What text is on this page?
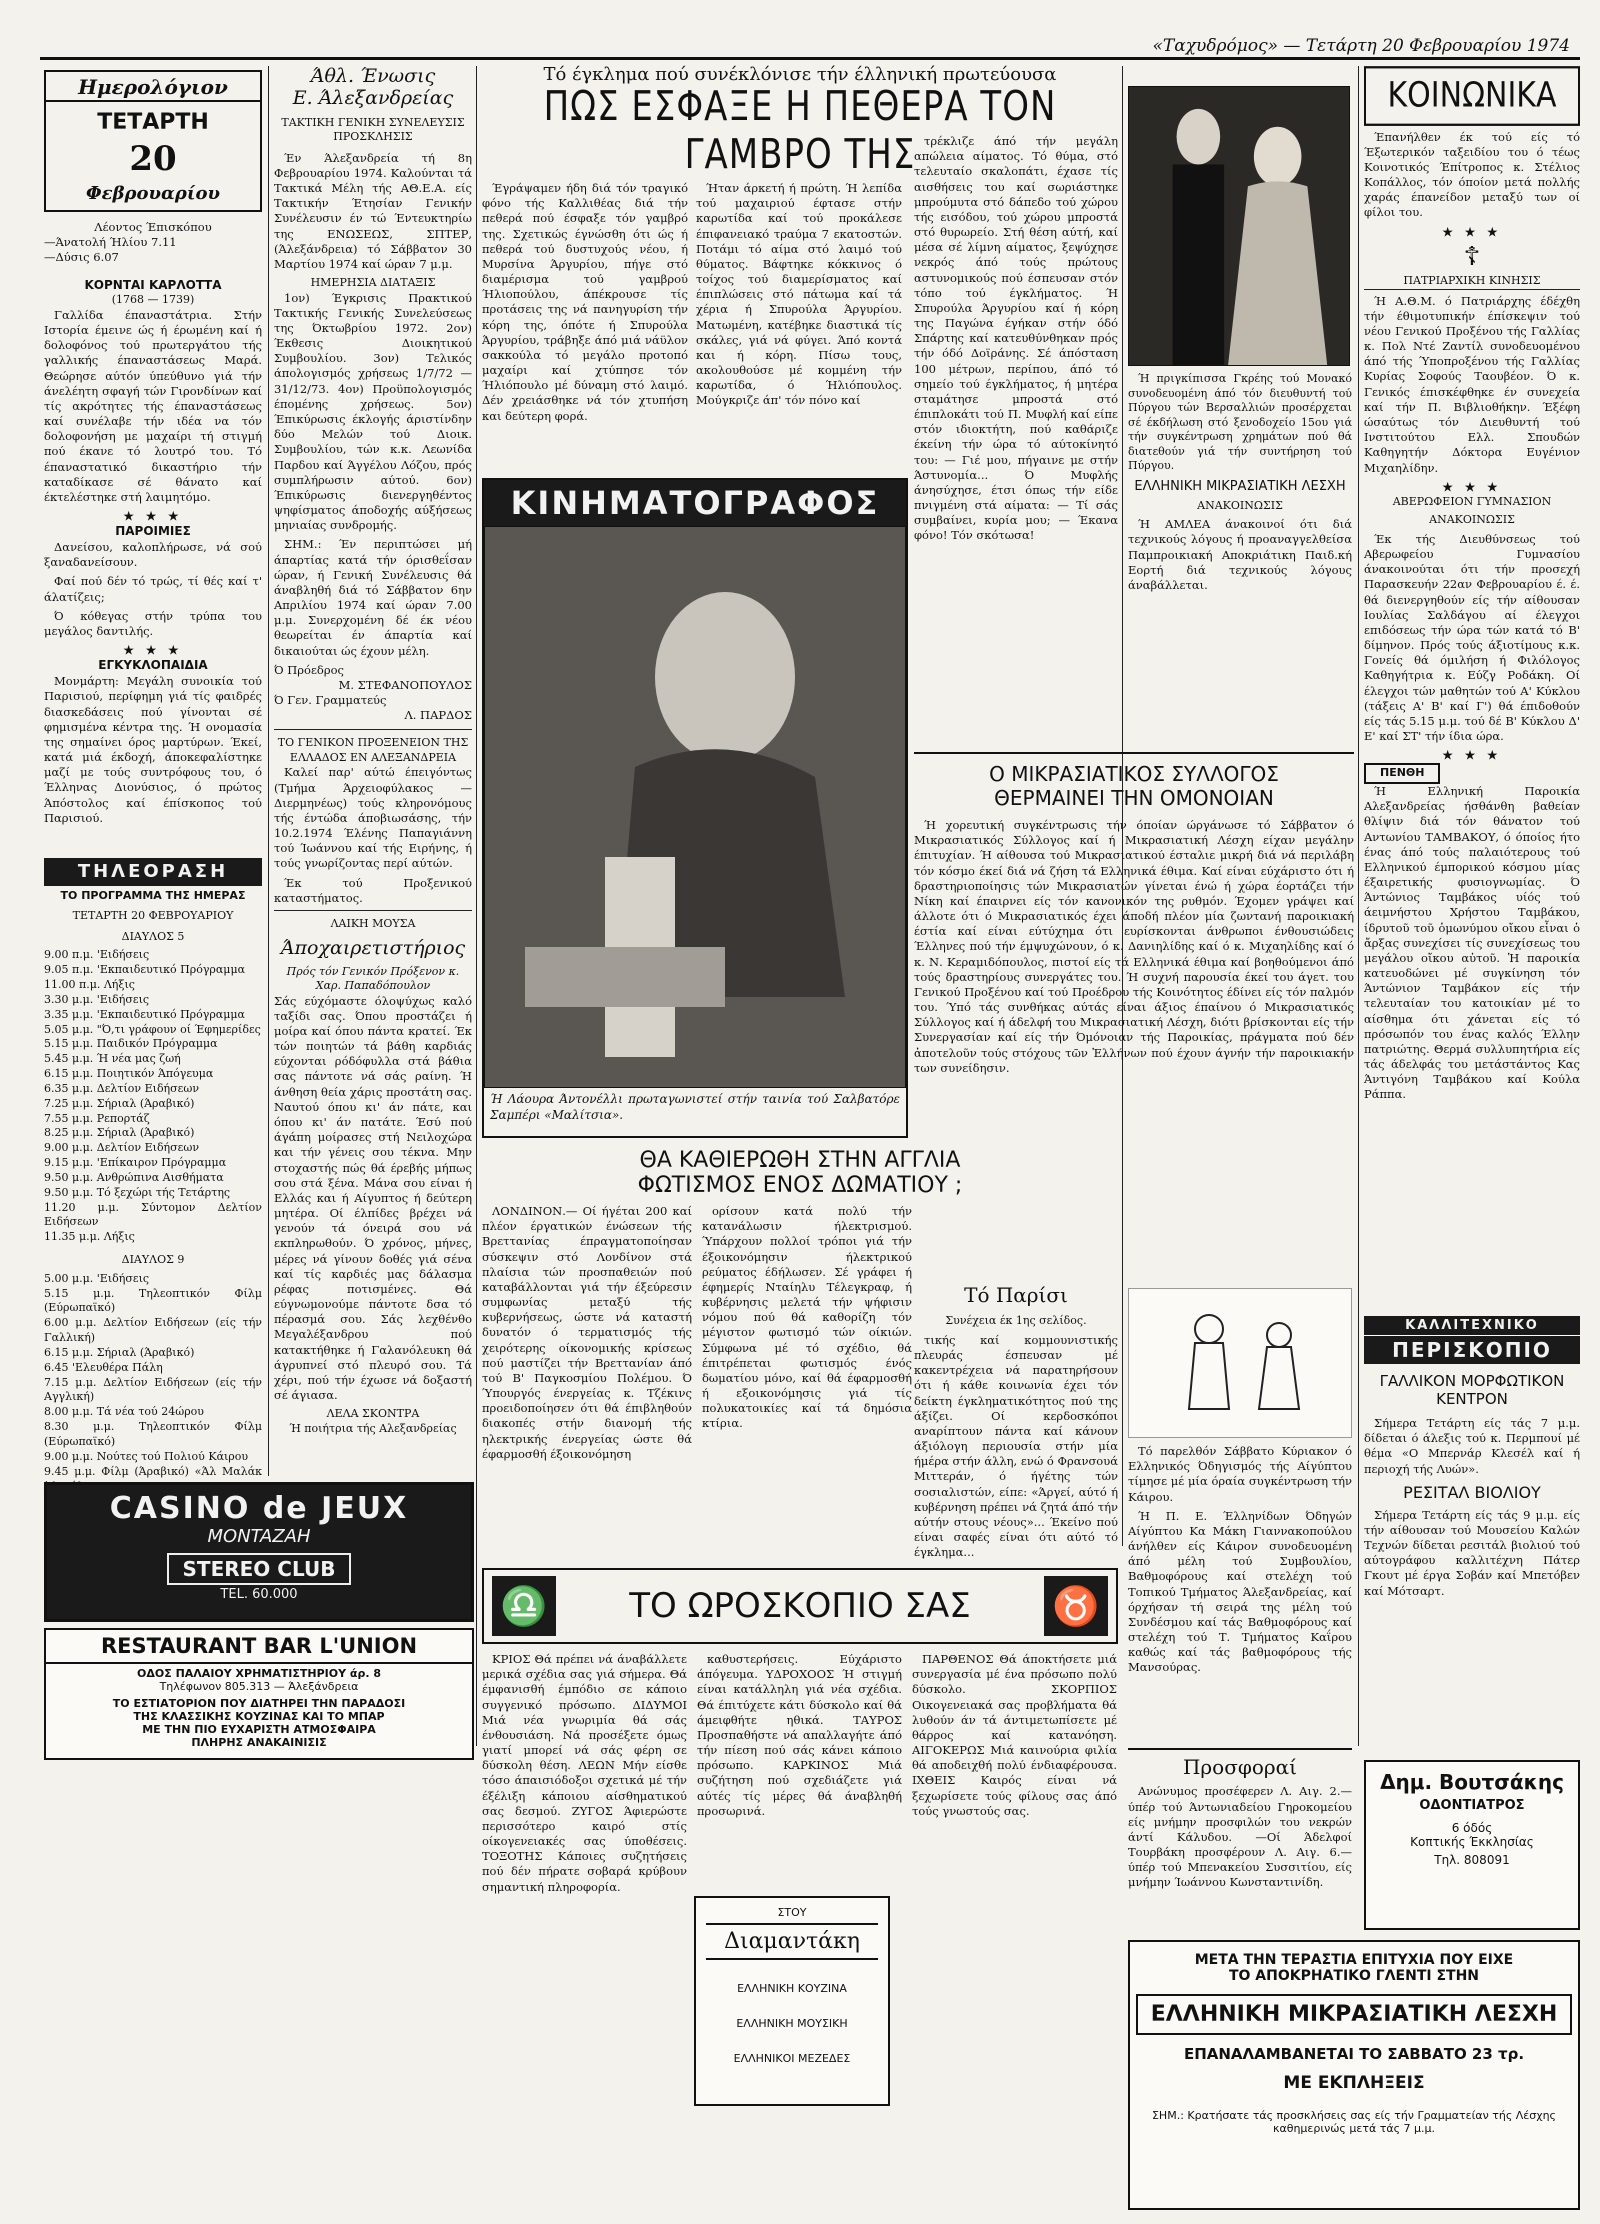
«Ταχυδρόμος» — Τετάρτη 20 Φεβρουαρίου 1974
Ημερολόγιον
ΤΕΤΑΡΤΗ
20
Φεβρουαρίου
Λέοντος Έπισκόπου
—Άνατολή Ήλίου 7.11
—Δύσις 6.07
ΚΟΡΝΤΑΙ ΚΑΡΛΟΤΤΑ
(1768 — 1739)

Γαλλίδα έπαναστάτρια. Στήν Ιστορία έμεινε ώς ή έρωμένη καί ή δολοφόνος τού πρωτεργάτου τής γαλλικής έπαναστάσεως Μαρά. Θεώρησε αύτόν ύπεύθυνο γιά τήν άνελέητη σφαγή τών Γιρονδίνων καί τίς ακρότητες τής έπαναστάσεως καί συνέλαβε τήν ιδέα να τόν δολοφονήση με μαχαίρι τή στιγμή πού έκανε τό λουτρό του. Τό έπαναστατικό δικαστήριο τήν καταδίκασε σέ θάνατο καί έκτελέστηκε στή λαιμητόμο.

★ ★ ★
ΠΑΡΟΙΜΙΕΣ

Δανείσου, καλοπλήρωσε, νά σού ξαναδανείσουν.

Φαί πού δέν τό τρώς, τί θές καί τ' άλατίζεις;

Ό κόθεγας στήν τρύπα του μεγάλος δαντιλής.

★ ★ ★
ΕΓΚΥΚΛΟΠΑΙΔΙΑ

Μονμάρτη: Μεγάλη συνοικία τού Παρισιού, περίφημη γιά τίς φαιδρές διασκεδάσεις πού γίνονται σέ φημισμένα κέντρα της. Ή ονομασία της σημαίνει όρος μαρτύρων. Έκεί, κατά μιά έκδοχή, άποκεφαλίστηκε μαζί με τούς συντρόφους του, ό Έλληνας Διονύσιος, ό πρώτος Άπόστολος καί έπίσκοπος τού Παρισιού.

ΤΗΛΕΟΡΑΣΗ
ΤΟ ΠΡΟΓΡΑΜΜΑ ΤΗΣ ΗΜΕΡΑΣ
ΤΕΤΑΡΤΗ 20 ΦΕΒΡΟΥΑΡΙΟΥ
ΔΙΑΥΛΟΣ 5
9.00 π.μ. 'Ειδήσεις
9.05 π.μ. 'Εκπαιδευτικό Πρόγραμμα
11.00 π.μ. Λήξις
3.30 μ.μ. 'Ειδήσεις
3.35 μ.μ. 'Εκπαιδευτικό Πρόγραμμα
5.05 μ.μ. "Ό,τι γράφουν οί Έφημερίδες
5.15 μ.μ. Παιδικόν Πρόγραμμα
5.45 μ.μ. Ή νέα μας ζωή
6.15 μ.μ. Ποιητικόν Άπόγευμα
6.35 μ.μ. Δελτίον Ειδήσεων
7.25 μ.μ. Σήριαλ (Άραβικό)
7.55 μ.μ. Ρεπορτάζ
8.25 μ.μ. Σήριαλ (Άραβικό)
9.00 μ.μ. Δελτίον Ειδήσεων
9.15 μ.μ. 'Επίκαιρον Πρόγραμμα
9.50 μ.μ. Ανθρώπινα Αισθήματα
9.50 μ.μ. Τό ξεχώρι τής Τετάρτης
11.20 μ.μ. Σύντομον Δελτίον Ειδήσεων
11.35 μ.μ. Λήξις
ΔΙΑΥΛΟΣ 9
5.00 μ.μ. 'Ειδήσεις
5.15 μ.μ. Τηλεοπτικόν Φίλμ (Εύρωπαϊκό)
6.00 μ.μ. Δελτίον Ειδήσεων (είς τήν Γαλλική)
6.15 μ.μ. Σήριαλ (Άραβικό)
6.45 'Ελευθέρα Πάλη
7.15 μ.μ. Δελτίον Ειδήσεων (είς τήν Αγγλική)
8.00 μ.μ. Τά νέα τού 24ώρου
8.30 μ.μ. Τηλεοπτικόν Φίλμ (Εύρωπαϊκό)
9.00 μ.μ. Νούτες τού Πολιού Κάιρου
9.45 μ.μ. Φίλμ (Άραβικό) «Άλ Μαλάκ
CASINO de JEUX
MONTAZAH
STEREO CLUB
TEL. 60.000
RESTAURANT BAR L'UNION
ΟΔΟΣ ΠΑΛΑΙΟΥ ΧΡΗΜΑΤΙΣΤΗΡΙΟΥ άρ. 8
Τηλέφωνον 805.313 — Άλεξάνδρεια
ΤΟ ΕΣΤΙΑΤΟΡΙΟΝ ΠΟΥ ΔΙΑΤΗΡΕΙ ΤΗΝ ΠΑΡΑΔΟΣΙ
ΤΗΣ ΚΛΑΣΣΙΚΗΣ ΚΟΥΖΙΝΑΣ ΚΑΙ ΤΟ ΜΠΑΡ
ΜΕ ΤΗΝ ΠΙΟ ΕΥΧΑΡΙΣΤΗ ΑΤΜΟΣΦΑΙΡΑ
ΠΛΗΡΗΣ ΑΝΑΚΑΙΝΙΣΙΣ
Άθλ. Ένωσις
Ε. Άλεξανδρείας
ΤΑΚΤΙΚΗ ΓΕΝΙΚΗ ΣΥΝΕΛΕΥΣΙΣ
ΠΡΟΣΚΛΗΣΙΣ

Έν Άλεξανδρεία τή 8η Φεβρουαρίου 1974. Καλούνται τά Τακτικά Μέλη τής ΑΘ.Ε.Α. είς Τακτικήν Έτησίαν Γενικήν Συνέλευσιν έν τώ Έντευκτηρίω της ΕΝΩΣΕΩΣ, ΣΠΤΕΡ, (Άλεξάνδρεια) τό Σάββατον 30 Μαρτίου 1974 καί ώραν 7 μ.μ.

ΗΜΕΡΗΣΙΑ ΔΙΑΤΑΞΙΣ

1ον) Έγκρισις Πρακτικού Τακτικής Γενικής Συνελεύσεως της Όκτωβρίου 1972. 2ον) Έκθεσις Διοικητικού Συμβουλίου. 3ον) Τελικός άπολογισμός χρήσεως 1/7/72 — 31/12/73. 4ον) Προϋπολογισμός έπομένης χρήσεως. 5ον) Έπικύρωσις έκλογής άριστίνδην δύο Μελών τού Διοικ. Συμβουλίου, τών κ.κ. Λεωνίδα Παρδου καί Άγγέλου Λόζου, πρός συμπλήρωσιν αύτού. 6ον) Έπικύρωσις διενεργηθέντος ψηφίσματος άποδοχής αύξήσεως μηνιαίας συνδρομής.

ΣΗΜ.: Έν περιπτώσει μή άπαρτίας κατά τήν όρισθεΐσαν ώραν, ή Γενική Συνέλευσις θά άναβληθή διά τό Σάββατον 6ην Απριλίου 1974 καί ώραν 7.00 μ.μ. Συνερχομένη δέ έκ νέου θεωρείται έν άπαρτία καί δικαιούται ώς έχουν μέλη.

Ό Πρόεδρος
Μ. ΣΤΕΦΑΝΟΠΟΥΛΟΣ
Ό Γεν. Γραμματεύς
Λ. ΠΑΡΔΟΣ
ΤΟ ΓΕΝΙΚΟΝ ΠΡΟΞΕΝΕΙΟΝ ΤΗΣ ΕΛΛΑΔΟΣ ΕΝ ΑΛΕΞΑΝΔΡΕΙΑ

Καλεί παρ' αύτώ έπειγόντως (Τμήμα Άρχειοφύλακος — Διερμηνέως) τούς κληρονόμους τής έντώδα άποβιωσάσης, τήν 10.2.1974 Έλένης Παπαγιάννη τού Ίωάννου καί τής Ειρήνης, ή τούς γνωρίζοντας περί αύτών.

Έκ τού Προξενικού καταστήματος.

ΛΑΙΚΗ ΜΟΥΣΑ
Άποχαιρετιστήριος
Πρός τόν Γενικόν Πρόξενον κ. Χαρ. Παπαδόπουλον

Σάς εύχόμαστε όλοψύχως καλό ταξίδι σας. Όπου προστάζει ή μοίρα καί όπου πάντα κρατεί. Έκ τών ποιητών τά βάθη καρδιάς εύχονται ρόδόφυλλα στά βάθια σας πάντοτε νά σάς ραίνη. Ή άνθηση θεία χάρις προστάτη σας. Ναυτού όπου κι' άν πάτε, και όπου κι' άν πατάτε. Έσύ πού άγάπη μοίρασες στή Νειλοχώρα και τήν γένεις σου τέκνα. Μην στοχαστής πώς θά έρεβής μήπως σου στά ξένα. Μάνα σου είναι ή Ελλάς και ή Αίγυπτος ή δεύτερη μητέρα. Οί έλπίδες βρέχει νά γενούν τά όνειρά σου νά εκπληρωθούν. Ό χρόνος, μήνες, μέρες νά γίνουν δοθές γιά σένα καί τίς καρδιές μας δάλασμα ρέφας ποτισμένες. Θά εύγνωμονούμε πάντοτε δσα τό πέρασμά σου. Σάς λεχθένθο Μεγαλέξανδρου πού κατακτήθηκε ή Γαλανόλευκη θά άγρυπνεί στό πλευρό σου. Τά χέρι, πού τήν έχωσε νά δοξαστή σέ άγιασα.

ΛΕΛΑ ΣΚΟΝΤΡΑ
Ή ποιήτρια τής Αλεξανδρείας
Τό έγκλημα πού συνέκλόνισε τήν έλληνική πρωτεύουσα
ΠΩΣ ΕΣΦΑΞΕ Η ΠΕΘΕΡΑ ΤΟΝ ΓΑΜΒΡΟ ΤΗΣ

Έγράψαμεν ήδη διά τόν τραγικό φόνο τής Καλλιθέας διά τήν πεθερά πού έσφαξε τόν γαμβρό της. Σχετικώς έγνώσθη ότι ώς ή πεθερά τού δυστυχούς νέου, ή Μυρσίνα Άργυρίου, πήγε στό διαμέρισμα τού γαμβρού Ήλιοπούλου, άπέκρουσε τίς προτάσεις της νά πανηγυρίση τήν κόρη της, όπότε ή Σπυρούλα Άργυρίου, τράβηξε άπό μιά νάϋλον σακκούλα τό μεγάλο προτοπό μαχαίρι καί χτύπησε τόν Ήλιόπουλο μέ δύναμη στό λαιμό. Δέν χρειάσθηκε νά τόν χτυπήση και δεύτερη φορά.

Ήταν άρκετή ή πρώτη. Ή λεπίδα τού μαχαιριού έφτασε στήν καρωτίδα καί τού προκάλεσε έπιφανειακό τραύμα 7 εκατοστών. Ποτάμι τό αίμα στό λαιμό τού θύματος. Βάφτηκε κόκκινος ό τοίχος τού διαμερίσματος καί έπιπλώσεις στό πάτωμα καί τά χέρια ή Σπυρούλα Άργυρίου. Ματωμένη, κατέβηκε διαστικά τίς σκάλες, γιά νά φύγει. Άπό κοντά και ή κόρη. Πίσω τους, ακολουθούσε μέ κομμένη τήν καρωτίδα, ό Ήλιόπουλος. Μούγκριζε άπ' τόν πόνο καί

τρέκλιζε άπό τήν μεγάλη απώλεια αίματος. Τό θύμα, στό τελευταίο σκαλοπάτι, έχασε τίς αισθήσεις του καί σωριάστηκε μπρούμυτα στό δάπεδο τού χώρου τής εισόδου, τού χώρου μπροστά στό θυρωρείο. Στή θέση αύτή, καί μέσα σέ λίμνη αίματος, ξεψύχησε νεκρός άπό τούς πρώτους αστυνομικούς πού έσπευσαν στόν τόπο τού έγκλήματος. Ή Σπυρούλα Άργυρίου καί ή κόρη της Παγώνα έγήκαν στήν όδό Σπάρτης καί κατευθύνθηκαν πρός τήν όδό Δοϊράνης. Σέ άπόσταση 100 μέτρων, περίπου, άπό τό σημείο τού έγκλήματος, ή μητέρα σταμάτησε μπροστά στό έπιπλοκάτι τού Π. Μυφλή καί είπε στόν ιδιοκτήτη, πού καθάριζε έκείνη τήν ώρα τό αύτοκίνητό του: — Γιέ μου, πήγαινε με στήν Άστυνομία... Ό Μυφλής άνησύχησε, έτσι όπως τήν είδε πνιγμένη στά αίματα: — Τί σάς συμβαίνει, κυρία μου; — Έκανα φόνο! Τόν σκότωσα!

ΚΙΝΗΜΑΤΟΓΡΑΦΟΣ
Ή Λάουρα Άντονέλλι πρωταγωνιστεί στήν ταινία τού Σαλβατόρε Σαμπέρι «Μαλίτσια».
ΘΑ ΚΑΘΙΕΡΩΘΗ ΣΤΗΝ ΑΓΓΛΙΑ
ΦΩΤΙΣΜΟΣ ΕΝΟΣ ΔΩΜΑΤΙΟΥ ;

ΛΟΝΔΙΝΟΝ.— Οί ήγέται 200 καί πλέον έργατικών ένώσεων τής Βρεττανίας έπραγματοποίησαν σύσκεψιν στό Λονδίνον στά πλαίσια τών προσπαθειών πού καταβάλλονται γιά τήν έξεύρεσιν συμφωνίας μεταξύ τής κυβερνήσεως, ώστε νά καταστή δυνατόν ό τερματισμός τής χειρότερης οίκονομικής κρίσεως πού μαστίζει τήν Βρεττανίαν άπό τού Β' Παγκοσμίου Πολέμου. Ό Ύπουργός ένεργείας κ. Τζέκινς προειδοποίησεν ότι θά έπιβληθούν διακοπές στήν διανομή τής ηλεκτρικής ένεργείας ώστε θά έφαρμοσθή έξοικονόμηση

ορίσουν κατά πολύ τήν κατανάλωσιν ήλεκτρισμού. Ύπάρχουν πολλοί τρόποι γιά τήν έξοικονόμησιν ήλεκτρικού ρεύματος έδήλωσεν. Σέ γράφει ή έφημερίς Νταίηλυ Τέλεγκραφ, ή κυβέρνησις μελετά τήν ψήφισιν νόμου πού θά καθορίζη τόν μέγιστον φωτισμό τών οίκιών. Σύμφωνα μέ τό σχέδιο, θά έπιτρέπεται φωτισμός ένός δωματίου μόνο, καί θά έφαρμοσθή ή εξοικονόμησις γιά τίς πολυκατοικίες καί τά δημόσια κτίρια.

♎	ΤΟ ΩΡΟΣΚΟΠΙΟ ΣΑΣ	♉

ΚΡΙΟΣ Θά πρέπει νά άναβάλλετε μερικά σχέδια σας γιά σήμερα. Θά έμφανισθή έμπόδιο σε κάποιο συγγενικό πρόσωπο. ΔΙΔΥΜΟΙ Μιά νέα γνωριμία θά σάς ένθουσιάση. Νά προσέξετε όμως γιατί μπορεί νά σάς φέρη σε δύσκολη θέση. ΛΕΩΝ Μήν είσθε τόσο άπαισιόδοξοι σχετικά μέ τήν έξέλιξη κάποιου αίσθηματικού σας δεσμού. ΖΥΓΟΣ Άφιερώστε περισσότερο καιρό στίς οίκογενειακές σας ύποθέσεις. ΤΟΞΟΤΗΣ Κάποιες συζητήσεις πού δέν πήρατε σοβαρά κρύβουν σημαντική πληροφορία.

καθυστερήσεις. Εύχάριστο άπόγευμα. ΥΔΡΟΧΟΟΣ Ή στιγμή είναι κατάλληλη γιά νέα σχέδια. Θά έπιτύχετε κάτι δύσκολο καί θά άμειφθήτε ηθικά. ΤΑΥΡΟΣ Προσπαθήστε νά απαλλαγήτε άπό τήν πίεση πού σάς κάνει κάποιο πρόσωπο. ΚΑΡΚΙΝΟΣ Μιά συζήτηση πού σχεδιάζετε γιά αύτές τίς μέρες θά άναβληθή προσωρινά.

ΠΑΡΘΕΝΟΣ Θά άποκτήσετε μιά συνεργασία μέ ένα πρόσωπο πολύ δύσκολο. ΣΚΟΡΠΙΟΣ Οικογενειακά σας προβλήματα θά λυθούν άν τά άντιμετωπίσετε μέ θάρρος καί κατανόηση. ΑΙΓΟΚΕΡΩΣ Μιά καινούρια φιλία θά αποδειχθή πολύ ένδιαφέρουσα. ΙΧΘΕΙΣ Καιρός είναι νά ξεχωρίσετε τούς φίλους σας άπό τούς γνωστούς σας.

ΣΤΟΥ
Διαμαντάκη
ΕΛΛΗΝΙΚΗ ΚΟΥΖΙΝΑ
ΕΛΛΗΝΙΚΗ ΜΟΥΣΙΚΗ
ΕΛΛΗΝΙΚΟΙ ΜΕΖΕΔΕΣ

Ή πριγκίπισσα Γκρέης τού Μονακό συνοδευομένη άπό τόν διευθυντή τού Πύργου τών Βερσαλλιών προσέρχεται σέ έκδήλωση στό ξενοδοχείο 15ου γιά τήν συγκέντρωση χρημάτων πού θά διατεθούν γιά τήν συντήρηση τού Πύργου.

ΕΛΛΗΝΙΚΗ ΜΙΚΡΑΣΙΑΤΙΚΗ ΛΕΣΧΗ
ΑΝΑΚΟΙΝΩΣΙΣ

Ή ΑΜΛΕΑ άνακοινοί ότι διά τεχνικούς λόγους ή προαναγγελθείσα Παμπροικιακή Αποκριάτικη Παιδ.κή Εορτή διά τεχνικούς λόγους άναβάλλεται.

Ο ΜΙΚΡΑΣΙΑΤΙΚΟΣ ΣΥΛΛΟΓΟΣ
ΘΕΡΜΑΙΝΕΙ ΤΗΝ ΟΜΟΝΟΙΑΝ

Ή χορευτική συγκέντρωσις τήν όποίαν ώργάνωσε τό Σάββατον ό Μικρασιατικός Σύλλογος καί ή Μικρασιατική Λέσχη είχαν μεγάλην έπιτυχίαν. Ή αίθουσα τού Μικρασιατικού έσταλιε μικρή διά νά περιλάβη τόν κόσμο έκεί διά νά ζήση τά Ελληνικά έθιμα. Καί είναι εύχάριστο ότι ή δραστηριοποίησις τών Μικρασιατών γίνεται ένώ ή χώρα έορτάζει τήν Νίκη καί έπαιρνει είς τόν κανονικόν της ρυθμόν. Έχομεν γράψει καί άλλοτε ότι ό Μικρασιατικός έχει άποδή πλέον μία ζωντανή παροικιακή έστία καί είναι εύτύχημα ότι ευρίσκονται άνθρωποι ένθουσιώδεις Έλληνες πού τήν έμψυχώνουν, ό κ. Δανιηλίδης καί ό κ. Μιχαηλίδης καί ό κ. Ν. Κεραμιδόπουλος, πιστοί είς τά Ελληνικά έθιμα καί βοηθούμενοι άπό τούς δραστηρίους συνεργάτες του. Ή συχνή παρουσία έκεί του άγετ. του Γενικού Προξένου καί τού Προέδρου τής Κοινότητος έδίνει είς τόν παλμόν του. Ύπό τάς συνθήκας αύτάς είναι άξιος έπαίνου ό Μικρασιατικός Σύλλογος καί ή άδελφή του Μικρασιατική Λέσχη, διότι βρίσκονται είς τήν Συνεργασίαν καί είς τήν Όμόνοιαν τής Παροικίας, πράγματα πού δέν ἀποτελοῦν τούς στόχους τῶν Ἑλλήνων πού έχουν άγνήν τήν παροικιακήν των συνείδησιν.

Τό Παρίσι
Συνέχεια έκ 1ης σελίδος.

τικής καί κομμουνιστικής πλευράς έσπευσαν μέ κακεντρέχεια νά παρατηρήσουν ότι ή κάθε κοινωνία έχει τόν δείκτη έγκληματικότητος πού της άξίζει. Οί κερδοσκόποι αναρίπτουν πάντα καί κάνουν άξιόλογη περιουσία στήν μία ήμέρα στήν άλλη, ενώ ό Φρανσουά Μιττεράν, ό ήγέτης τών σοσιαλιστών, είπε: «Άργεί, αύτό ή κυβέρνηση πρέπει νά ζητά άπό τήν αύτήν στους νέους»... Έκείνο πού είναι σαφές είναι ότι αύτό τό έγκλημα...

Τό παρελθόν Σάββατο Κύριακον ό Ελληνικός Όδηγισμός τής Αίγύπτου τίμησε μέ μία όραία συγκέντρωση τήν Κάιρου.

Ή Π. Ε. Έλληνίδων Όδηγών Αίγύπτου Κα Μάκη Γιαννακοπούλου άνήλθεν είς Κάιρον συνοδευομένη άπό μέλη τού Συμβουλίου, Βαθμοφόρους καί στελέχη τού Τοπικού Τμήματος Άλεξανδρείας, καί όρχήσαν τή σειρά της μέλη τού Συνδέσμου καί τάς Βαθμοφόρους καί στελέχη τού Τ. Τμήματος Καΐρου καθώς καί τάς βαθμοφόρους τής Μανσούρας.

Προσφοραί

Ανώνυμος προσέφερεν Λ. Αιγ. 2.— ύπέρ τού Άντωνιαδείου Γηροκομείου είς μνήμην προσφιλών του νεκρών άντί Κάλυδου. —Οί Άδελφοί Τουρβάκη προσφέρουν Λ. Αιγ. 6.— ύπέρ τού Μπενακείου Συσσιτίου, είς μνήμην Ίωάννου Κωνσταντινίδη.

ΚΟΙΝΩΝΙΚΑ

Έπανήλθεν έκ τού είς τό Έξωτερικόν ταξειδίου του ό τέως Κοινοτικός Έπίτροπος κ. Στέλιος Κοπάλλος, τόν όποίον μετά πολλής χαράς έπανείδον μεταξύ των οί φίλοι του.

★ ★ ★
☦
ΠΑΤΡΙΑΡΧΙΚΗ ΚΙΝΗΣΙΣ

Ή Α.Θ.Μ. ό Πατριάρχης έδέχθη τήν έθιμοτυπικήν έπίσκεψιν τού νέου Γενικού Προξένου τής Γαλλίας κ. Πολ Ντέ Ζαντίλ συνοδευομένου άπό τής Ύποπροξένου τής Γαλλίας Κυρίας Σοφούς Ταουβέον. Ό κ. Γενικός έπισκέφθηκε έν συνεχεία καί τήν Π. Βιβλιοθήκην. Έξέφη ώσαύτως τόν Διευθυντή τού Ινστιτούτου Ελλ. Σπουδών Καθηγητήν Δόκτορα Ευγένιον Μιχαηλίδην.

★ ★ ★
ΑΒΕΡΩΦΕΙΟΝ ΓΥΜΝΑΣΙΟΝ
ΑΝΑΚΟΙΝΩΣΙΣ

Έκ τής Διευθύνσεως τού Αβερωφείου Γυμνασίου άνακοινούται ότι τήν προσεχή Παρασκευήν 22αν Φεβρουαρίου έ. έ. θά διενεργηθούν είς τήν αίθουσαν Ιουλίας Σαλδάγου αί έλεγχοι επιδόσεως τήν ώρα τών κατά τό Β' δίμηνον. Πρός τούς άξιοτίμους κ.κ. Γονείς θά όμιλήση ή Φιλόλογος Καθηγήτρια κ. Εύζγ Ροδάκη. Οί έλεγχοι τών μαθητών τού Α' Κύκλου (τάξεις Α' Β' καί Γ') θά έπιδοθούν είς τάς 5.15 μ.μ. τού δέ Β' Κύκλου Δ' Ε' καί ΣΤ' τήν ίδια ώρα.

★ ★ ★
ΠΕΝΘΗ

Ή Ελληνική Παροικία Αλεξανδρείας ήσθάνθη βαθείαν θλίψιν διά τόν θάνατον τού Αντωνίου ΤΑΜΒΑΚΟΥ, ό όποίος ήτο ένας άπό τούς παλαιότερους τού Ελληνικού έμπορικού κόσμου μίας έξαιρετικής φυσιογνωμίας. Ό Άντώνιος Ταμβάκος υίός τού άειμνήστου Χρήστου Ταμβάκου, ίδρυτοῦ τοῦ ὁμωνύμου οἴκου εἶναι ὁ ἄρξας συνεχίσει τίς συνεχίσεως του μεγάλου οἴκου αὐτοῦ. Ἡ παροικία κατευοδώνει μέ συγκίνηση τόν Άντώνιον Ταμβάκον είς τήν τελευταίαν του κατοικίαν μέ το αίσθημα ότι χάνεται είς τό πρόσωπόν του ένας καλός Έλλην πατριώτης. Θερμά συλλυπητήρια είς τάς άδελφάς του μετάστάντος Κας Άντιγόνη Ταμβάκου καί Κούλα Ράππα.

ΚΑΛΛΙΤΕΧΝΙΚΟ
ΠΕΡΙΣΚΟΠΙΟ
ΓΑΛΛΙΚΟΝ ΜΟΡΦΩΤΙΚΟΝ ΚΕΝΤΡΟΝ

Σήμερα Τετάρτη είς τάς 7 μ.μ. δίδεται ό άλεξις τού κ. Περμπουί μέ θέμα «Ο Μπερνάρ Κλεσέλ καί ή περιοχή τής Λυών».

ΡΕΣΙΤΑΛ ΒΙΟΛΙΟΥ

Σήμερα Τετάρτη είς τάς 9 μ.μ. είς τήν αίθουσαν τού Μουσείου Καλών Τεχνών δίδεται ρεσιτάλ βιολιού τού αύτογράφου καλλιτέχνη Πάτερ Γκουτ μέ έργα Σοβάν καί Μπετόβεν καί Μότσαρτ.

Δημ. Βουτσάκης
ΟΔΟΝΤΙΑΤΡΟΣ
6 όδός
Κοπτικής Έκκλησίας
Τηλ. 808091
ΜΕΤΑ ΤΗΝ ΤΕΡΑΣΤΙΑ ΕΠΙΤΥΧΙΑ ΠΟΥ ΕΙΧΕ
ΤΟ ΑΠΟΚΡΗΑΤΙΚΟ ΓΛΕΝΤΙ ΣΤΗΝ
ΕΛΛΗΝΙΚΗ ΜΙΚΡΑΣΙΑΤΙΚΗ ΛΕΣΧΗ
ΕΠΑΝΑΛΑΜΒΑΝΕΤΑΙ ΤΟ ΣΑΒΒΑΤΟ 23 τρ.
ΜΕ ΕΚΠΛΗΞΕΙΣ
ΣΗΜ.: Κρατήσατε τάς προσκλήσεις σας είς τήν Γραμματείαν τής Λέσχης καθημερινώς μετά τάς 7 μ.μ.
